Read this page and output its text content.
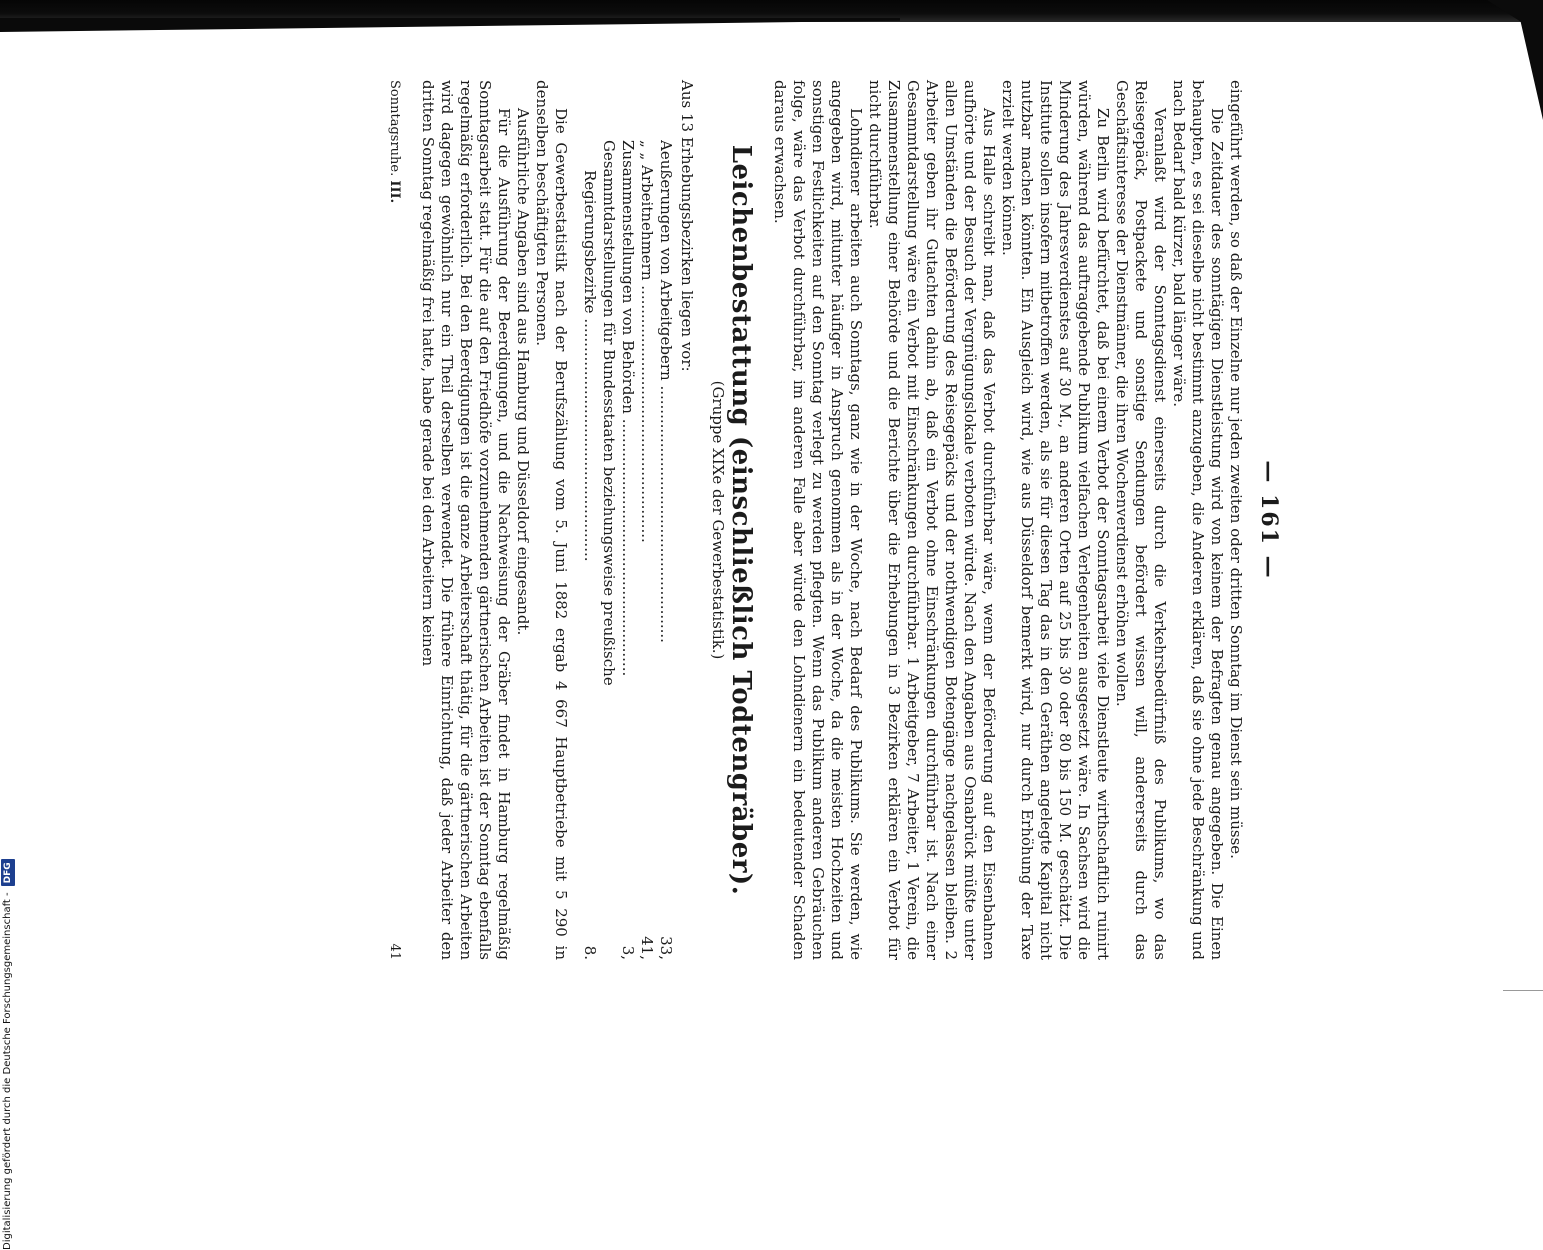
— 161 —

eingeführt werden, so daß der Einzelne nur jeden zweiten oder dritten Sonntag im Dienst sein müsse.

Die Zeitdauer des sonntägigen Dienstleistung wird von keinem der Befragten genau angegeben. Die Einen behaupten, es sei dieselbe nicht bestimmt anzugeben, die Anderen erklären, daß sie ohne jede Beschränkung und nach Bedarf bald kürzer, bald länger wäre.

Veranlaßt wird der Sonntagsdienst einerseits durch die Verkehrsbedürfniß des Publikums, wo das Reisegepäck, Postpackete und sonstige Sendungen befördert wissen will, andererseits durch das Geschäftsinteresse der Dienstmänner, die ihren Wochenverdienst erhöhen wollen.

Zu Berlin wird befürchtet, daß bei einem Verbot der Sonntagsarbeit viele Dienstleute wirthschaftlich ruinirt würden, während das auftraggebende Publikum vielfachen Verlegenheiten ausgesetzt wäre. In Sachsen wird die Minderung des Jahresverdienstes auf 30 M., an anderen Orten auf 25 bis 30 oder 80 bis 150 M. geschätzt. Die Institute sollen insofern mitbetroffen werden, als sie für diesen Tag das in den Geräthen angelegte Kapital nicht nutzbar machen könnten. Ein Ausgleich wird, wie aus Düsseldorf bemerkt wird, nur durch Erhöhung der Taxe erzielt werden können.

Aus Halle schreibt man, daß das Verbot durchführbar wäre, wenn der Beförderung auf den Eisenbahnen aufhörte und der Besuch der Vergnügungslokale verboten würde. Nach den Angaben aus Osnabrück müßte unter allen Umständen die Beförderung des Reisegepäcks und der nothwendigen Botengänge nachgelassen bleiben. 2 Arbeiter geben ihr Gutachten dahin ab, daß ein Verbot ohne Einschränkungen durchführbar ist. Nach einer Gesammtdarstellung wäre ein Verbot mit Einschränkungen durchführbar. 1 Arbeitgeber, 7 Arbeiter, 1 Verein, die Zusammenstellung einer Behörde und die Berichte über die Erhebungen in 3 Bezirken erklären ein Verbot für nicht durchführbar.

Lohndiener arbeiten auch Sonntags, ganz wie in der Woche, nach Bedarf des Publikums. Sie werden, wie angegeben wird, mitunter häufiger in Anspruch genommen als in der Woche, da die meisten Hochzeiten und sonstigen Festlichkeiten auf den Sonntag verlegt zu werden pflegten. Wenn das Publikum anderen Gebräuchen folge, wäre das Verbot durchführbar, im anderen Falle aber würde den Lohndienern ein bedeutender Schaden daraus erwachsen.

Leichenbestattung (einschließlich Todtengräber).
(Gruppe XIXe der Gewerbestatistik.)

Aus 13 Erhebungsbezirken liegen vor:

Aeußerungen von Arbeitgebern .....
33,
„ „ Arbeitnehmern .....
41,
Zusammenstellungen von Behörden .....
3,
Gesammtdarstellungen für Bundesstaaten beziehungsweise preußische
Regierungsbezirke .....
8.

Die Gewerbestatistik nach der Berufszählung vom 5. Juni 1882 ergab 4 667 Hauptbetriebe mit 5 290 in denselben beschäftigten Personen.

Ausführliche Angaben sind aus Hamburg und Düsseldorf eingesandt.

Für die Ausführung der Beerdigungen, und die Nachweisung der Gräber findet in Hamburg regelmäßig Sonntagsarbeit statt. Für die auf den Friedhöfe vorzunehmenden gärtnerischen Arbeiten ist der Sonntag ebenfalls regelmäßig erforderlich. Bei den Beerdigungen ist die ganze Arbeiterschaft thätig, für die gärtnerischen Arbeiten wird dagegen gewöhnlich nur ein Theil derselben verwendet. Die frühere Einrichtung, daß jeder Arbeiter den dritten Sonntag regelmäßig frei hatte, habe gerade bei den Arbeitern keinen

Sonntagsruhe. III.
41
Digitalisierung gefördert durch die Deutsche Forschungsgemeinschaft -
DFG
